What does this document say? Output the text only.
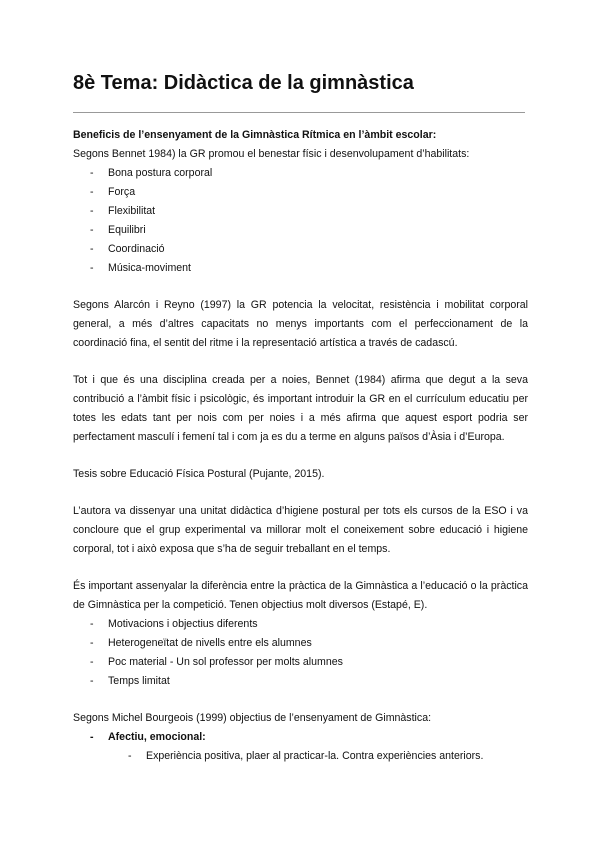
8è Tema: Didàctica de la gimnàstica

Beneficis de l’ensenyament de la Gimnàstica Rítmica en l’àmbit escolar:

Segons Bennet 1984) la GR promou el benestar físic i desenvolupament d’habilitats:

- Bona postura corporal
- Força
- Flexibilitat
- Equilibri
- Coordinació
- Música-moviment

Segons Alarcón i Reyno (1997) la GR potencia la velocitat, resistència i mobilitat corporal general, a més d’altres capacitats no menys importants com el perfeccionament de la coordinació fina, el sentit del ritme i la representació artística a través de cadascú.

Tot i que és una disciplina creada per a noies, Bennet (1984) afirma que degut a la seva contribució a l’àmbit físic i psicològic, és important introduir la GR en el currículum educatiu per totes les edats tant per nois com per noies i a més afirma que aquest esport podria ser perfectament masculí i femení tal i com ja es du a terme en alguns països d’Àsia i d’Europa.

Tesis sobre Educació Física Postural (Pujante, 2015).

L’autora va dissenyar una unitat didàctica d’higiene postural per tots els cursos de la ESO i va concloure que el grup experimental va millorar molt el coneixement sobre educació i higiene corporal, tot i això exposa que s’ha de seguir treballant en el temps.

És important assenyalar la diferència entre la pràctica de la Gimnàstica a l’educació o la pràctica de Gimnàstica per la competició. Tenen objectius molt diversos (Estapé, E).

- Motivacions i objectius diferents
- Heterogeneïtat de nivells entre els alumnes
- Poc material - Un sol professor per molts alumnes
- Temps limitat

Segons Michel Bourgeois (1999) objectius de l’ensenyament de Gimnàstica:

- Afectiu, emocional:
- Experiència positiva, plaer al practicar-la. Contra experiències anteriors.
